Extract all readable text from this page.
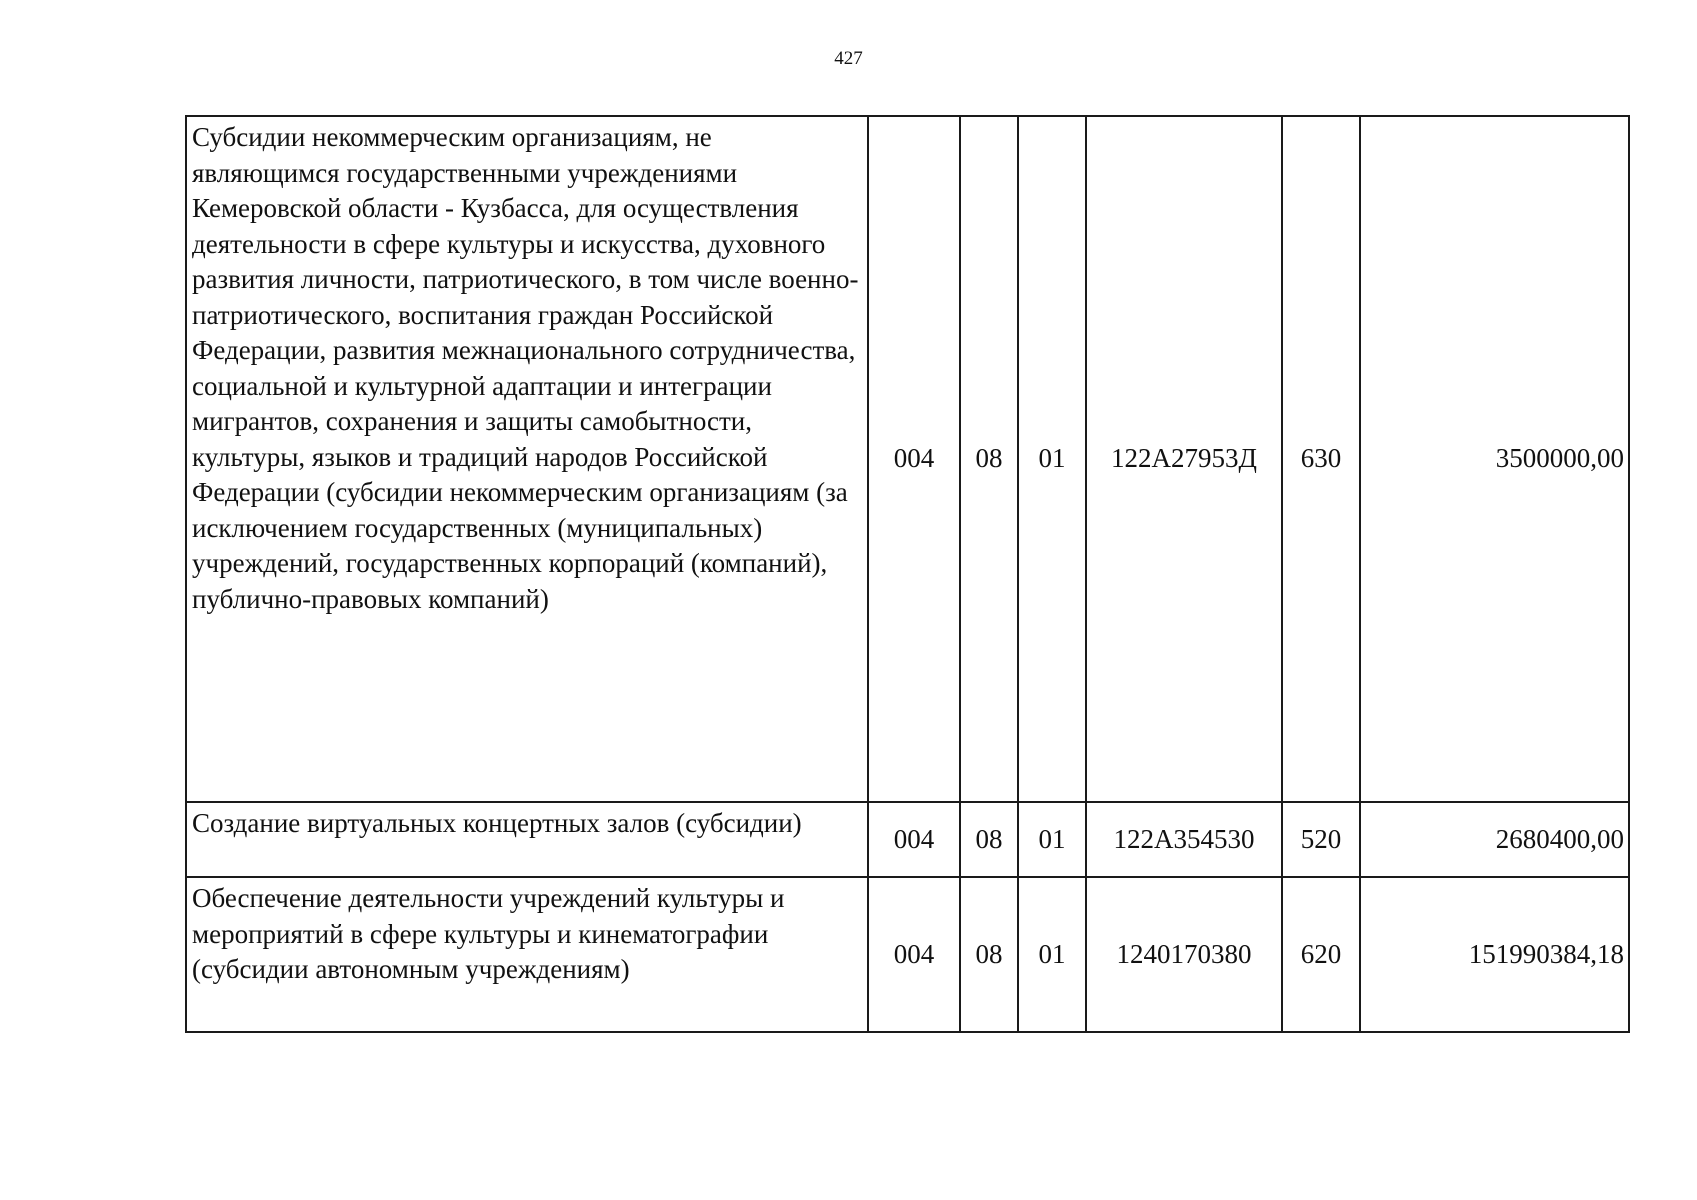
427
Субсидии некоммерческим организациям, не являющимся государственными учреждениями Кемеровской области - Кузбасса, для осуществления деятельности в сфере культуры и искусства, духовного развития личности, патриотического, в том числе военно-патриотического, воспитания граждан Российской Федерации, развития межнационального сотрудничества, социальной и культурной адаптации и интеграции мигрантов, сохранения и защиты самобытности, культуры, языков и традиций народов Российской Федерации (субсидии некоммерческим организациям (за исключением государственных (муниципальных) учреждений, государственных корпораций (компаний), публично-правовых компаний)	004	08	01	122А27953Д	630	3500000,00
Создание виртуальных концертных залов (субсидии)	004	08	01	122А354530	520	2680400,00
Обеспечение деятельности учреждений культуры и мероприятий в сфере культуры и кинематографии (субсидии автономным учреждениям)	004	08	01	1240170380	620	151990384,18
